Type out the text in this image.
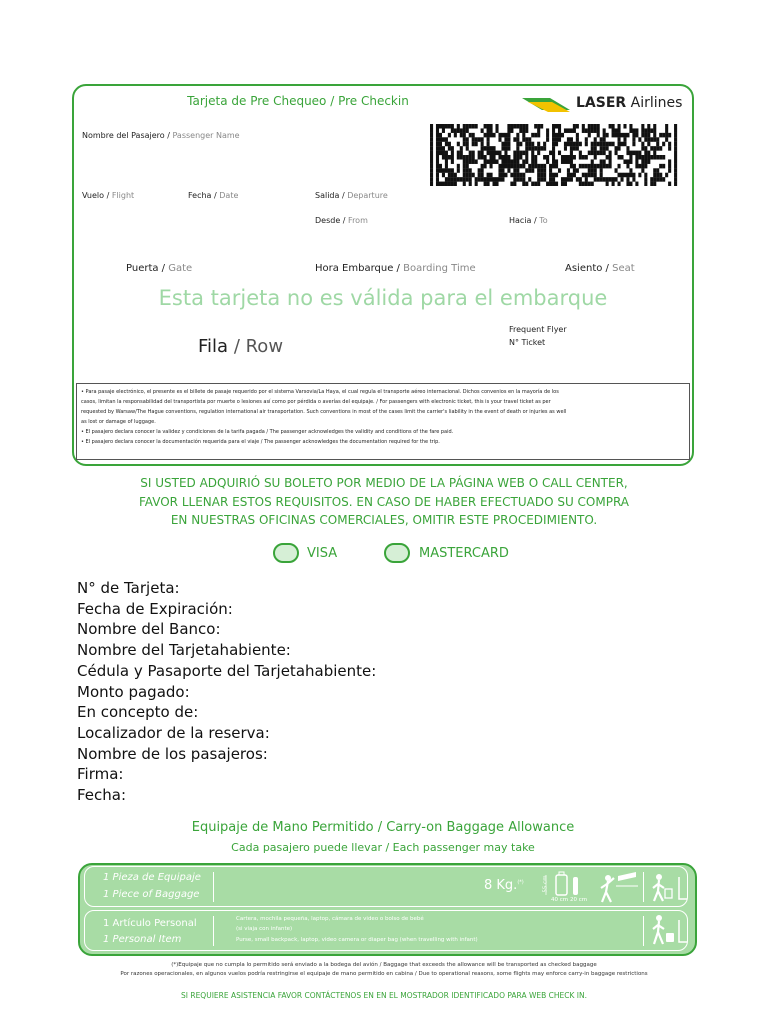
Tarjeta de Pre Chequeo / Pre Checkin	LASER Airlines
Nombre del Pasajero / Passenger Name
Vuelo / Flight	Fecha / Date	Salida / Departure
Desde / From	Hacia / To
Puerta / Gate	Hora Embarque / Boarding Time	Asiento / Seat
Esta tarjeta no es válida para el embarque
Fila / Row
Frequent Flyer
N° Ticket
• Para pasaje electrónico, el presente es el billete de pasaje requerido por el sistema Varsovia/La Haya, el cual regula el transporte aéreo internacional. Dichos convenios en la mayoría de los
casos, limitan la responsabilidad del transportista por muerte o lesiones así como por pérdida o averías del equipaje. / For passengers with electronic ticket, this is your travel ticket as per
requested by Warsaw/The Hague conventions, regulation international air transportation. Such conventions in most of the cases limit the carrier's liability in the event of death or injuries as well
as lost or damage of luggage.
• El pasajero declara conocer la validez y condiciones de la tarifa pagada / The passenger acknowledges the validity and conditions of the fare paid.
• El pasajero declara conocer la documentación requerida para el viaje / The passenger acknowledges the documentation required for the trip.
SI USTED ADQUIRIÓ SU BOLETO POR MEDIO DE LA PÁGINA WEB O CALL CENTER,
FAVOR LLENAR ESTOS REQUISITOS. EN CASO DE HABER EFECTUADO SU COMPRA
EN NUESTRAS OFICINAS COMERCIALES, OMITIR ESTE PROCEDIMIENTO.
VISA	MASTERCARD
N° de Tarjeta:
Fecha de Expiración:
Nombre del Banco:
Nombre del Tarjetahabiente:
Cédula y Pasaporte del Tarjetahabiente:
Monto pagado:
En concepto de:
Localizador de la reserva:
Nombre de los pasajeros:
Firma:
Fecha:
Equipaje de Mano Permitido / Carry-on Baggage Allowance
Cada pasajero puede llevar / Each passenger may take
1 Pieza de Equipaje
1 Piece of Baggage
8 Kg.(*)	55 cm
40 cm 20 cm
1 Artículo Personal
1 Personal Item
Cartera, mochila pequeña, laptop, cámara de video o bolso de bebé
(si viaja con infante)
Purse, small backpack, laptop, video camera or diaper bag (when travelling with infant)
(*)Equipaje que no cumpla lo permitido será enviado a la bodega del avión / Baggage that exceeds the allowance will be transported as checked baggage
Por razones operacionales, en algunos vuelos podría restringirse el equipaje de mano permitido en cabina / Due to operational reasons, some flights may enforce carry-in baggage restrictions
SI REQUIERE ASISTENCIA FAVOR CONTÁCTENOS EN EN EL MOSTRADOR IDENTIFICADO PARA WEB CHECK IN.
